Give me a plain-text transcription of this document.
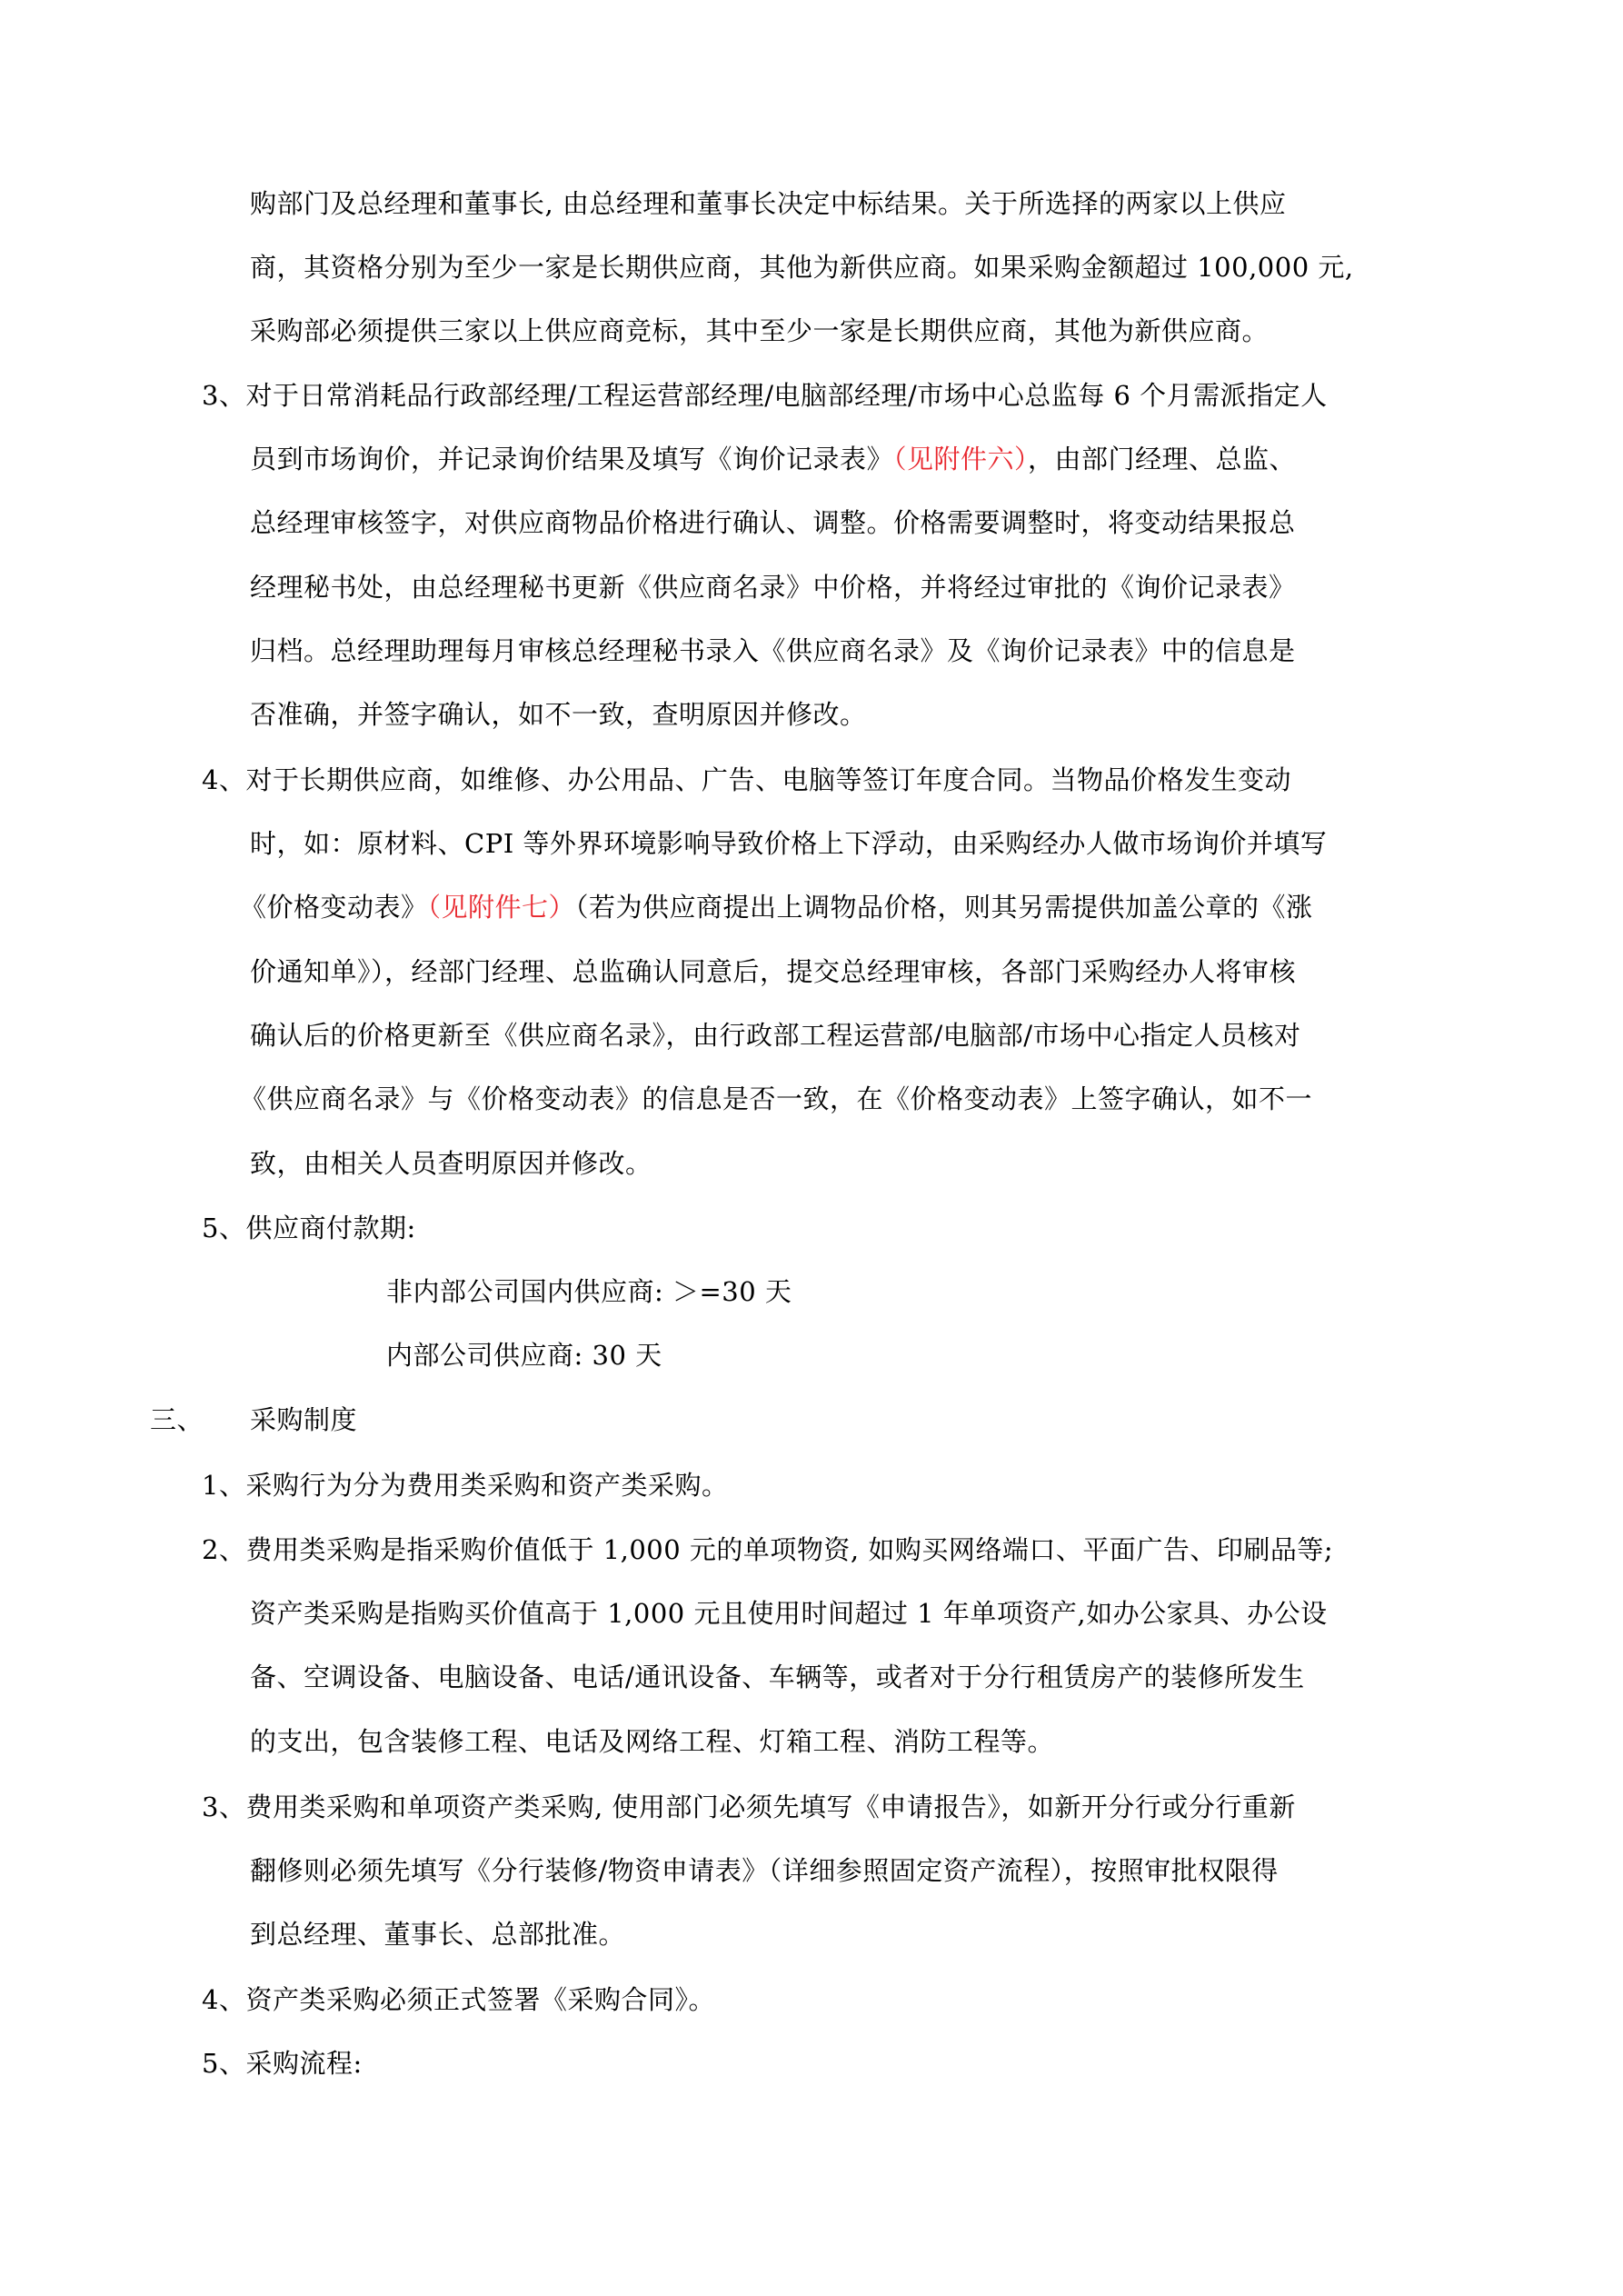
购部门及总经理和董事长, 由总经理和董事长决定中标结果。关于所选择的两家以上供应

商，其资格分别为至少一家是长期供应商，其他为新供应商。如果采购金额超过 100,000 元,

采购部必须提供三家以上供应商竞标，其中至少一家是长期供应商，其他为新供应商。

3、对于日常消耗品行政部经理/工程运营部经理/电脑部经理/市场中心总监每 6 个月需派指定人

员到市场询价，并记录询价结果及填写《询价记录表》（见附件六），由部门经理、总监、

总经理审核签字，对供应商物品价格进行确认、调整。价格需要调整时，将变动结果报总

经理秘书处，由总经理秘书更新《供应商名录》中价格，并将经过审批的《询价记录表》

归档。总经理助理每月审核总经理秘书录入《供应商名录》及《询价记录表》中的信息是

否准确，并签字确认，如不一致，查明原因并修改。

4、对于长期供应商，如维修、办公用品、广告、电脑等签订年度合同。当物品价格发生变动

时，如：原材料、CPI 等外界环境影响导致价格上下浮动，由采购经办人做市场询价并填写

《价格变动表》（见附件七）（若为供应商提出上调物品价格，则其另需提供加盖公章的《涨

价通知单》），经部门经理、总监确认同意后，提交总经理审核，各部门采购经办人将审核

确认后的价格更新至《供应商名录》，由行政部工程运营部/电脑部/市场中心指定人员核对

《供应商名录》与《价格变动表》的信息是否一致，在《价格变动表》上签字确认，如不一

致，由相关人员查明原因并修改。

5、供应商付款期:

非内部公司国内供应商: ＞=30 天

内部公司供应商: 30 天

三、 采购制度

1、采购行为分为费用类采购和资产类采购。

2、费用类采购是指采购价值低于 1,000 元的单项物资, 如购买网络端口、平面广告、印刷品等;

资产类采购是指购买价值高于 1,000 元且使用时间超过 1 年单项资产,如办公家具、办公设

备、空调设备、电脑设备、电话/通讯设备、车辆等，或者对于分行租赁房产的装修所发生

的支出，包含装修工程、电话及网络工程、灯箱工程、消防工程等。

3、费用类采购和单项资产类采购, 使用部门必须先填写《申请报告》，如新开分行或分行重新

翻修则必须先填写《分行装修/物资申请表》（详细参照固定资产流程），按照审批权限得

到总经理、董事长、总部批准。

4、资产类采购必须正式签署《采购合同》。

5、采购流程:
